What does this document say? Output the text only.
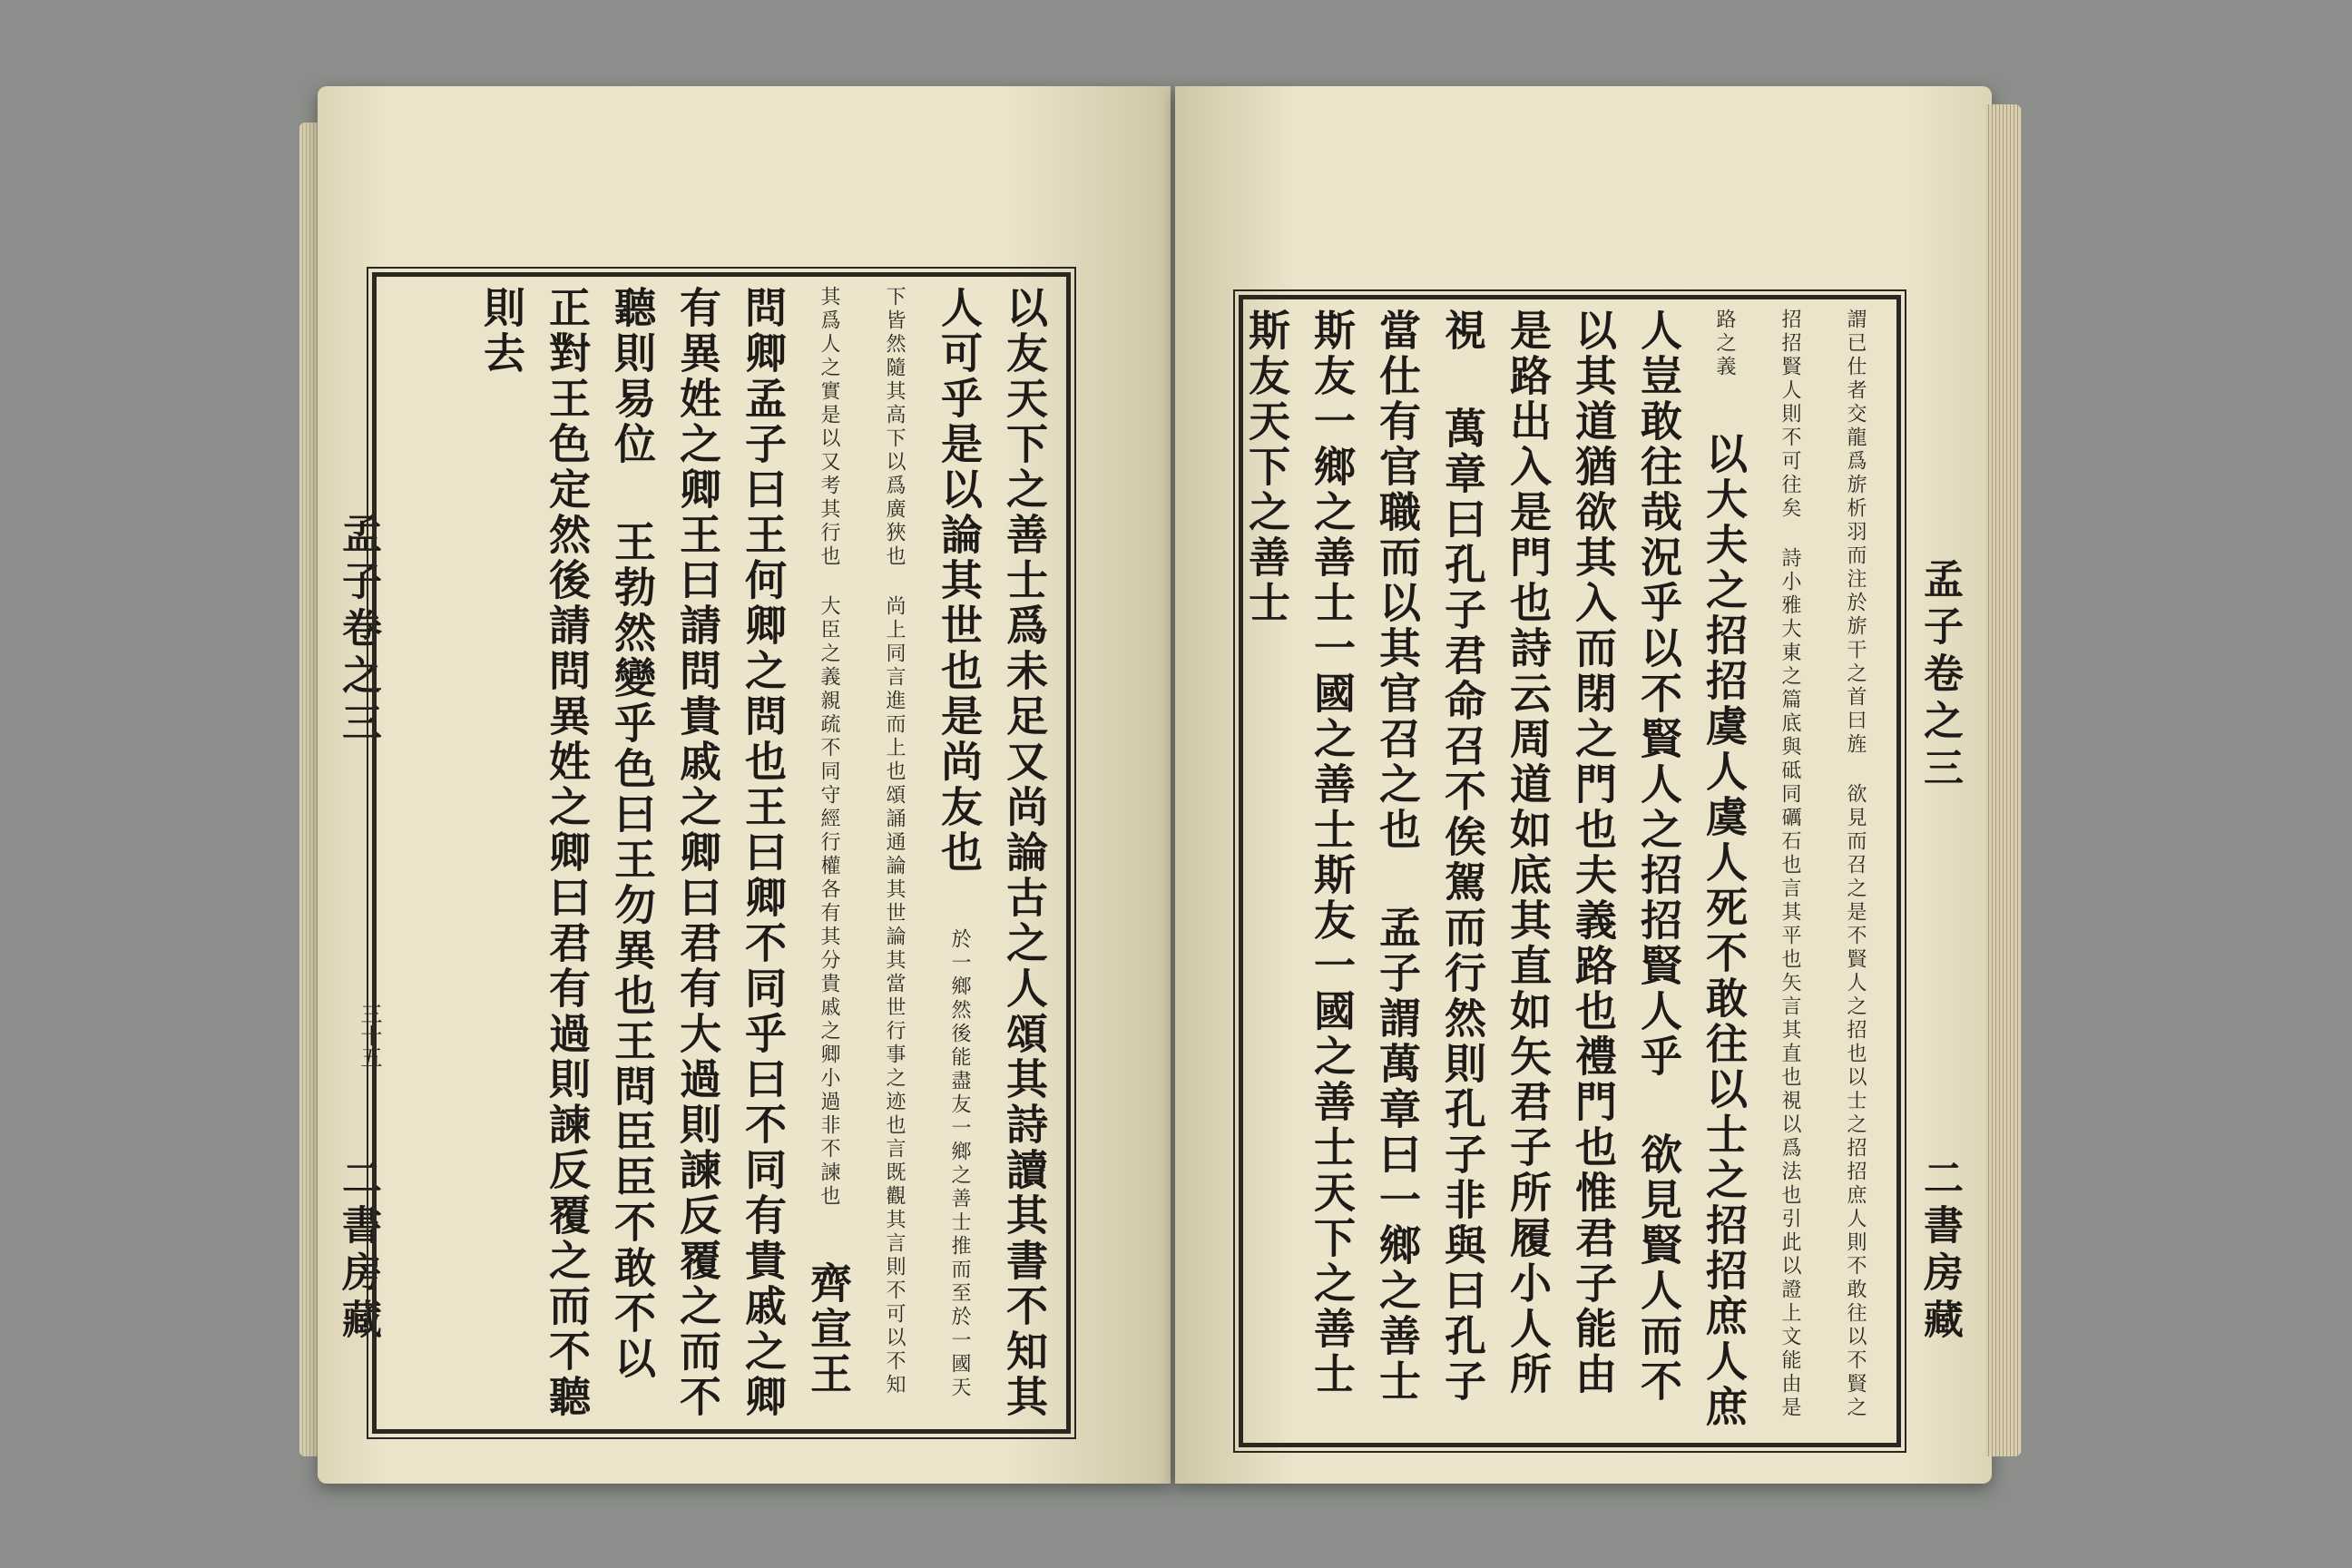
孟子卷之三
三十五
二書房藏	以友天下之善士爲未足又尚論古之人頌其詩讀其書不知其人可乎是以論其世也是尚友也 於一鄉然後能盡友一鄉之善士推而至於一國天下皆然隨其高下以爲廣狹也 尚上同言進而上也頌誦通論其世論其當世行事之迹也言既觀其言則不可以不知其爲人之實是以又考其行也 大臣之義親疏不同守經行權各有其分貴戚之卿小過非不諫也 齊宣王問卿孟子曰王何卿之問也王曰卿不同乎曰不同有貴戚之卿有異姓之卿王曰請問貴戚之卿曰君有大過則諫反覆之而不聽則易位 王勃然變乎色曰王勿異也王問臣臣不敢不以正對王色定然後請問異姓之卿曰君有過則諫反覆之而不聽則去	謂已仕者交龍爲旂析羽而注於旂干之首曰旌 欲見而召之是不賢人之招也以士之招招庶人則不敢往以不賢之招招賢人則不可往矣 詩小雅大東之篇底與砥同礪石也言其平也矢言其直也視以爲法也引此以證上文能由是路之義 以大夫之招招虞人虞人死不敢往以士之招招庶人庶人豈敢往哉況乎以不賢人之招招賢人乎 欲見賢人而不以其道猶欲其入而閉之門也夫義路也禮門也惟君子能由是路出入是門也詩云周道如底其直如矢君子所履小人所視 萬章曰孔子君命召不俟駕而行然則孔子非與曰孔子當仕有官職而以其官召之也 孟子謂萬章曰一鄉之善士斯友一鄉之善士一國之善士斯友一國之善士天下之善士斯友天下之善士
孟子卷之三
二書房藏
